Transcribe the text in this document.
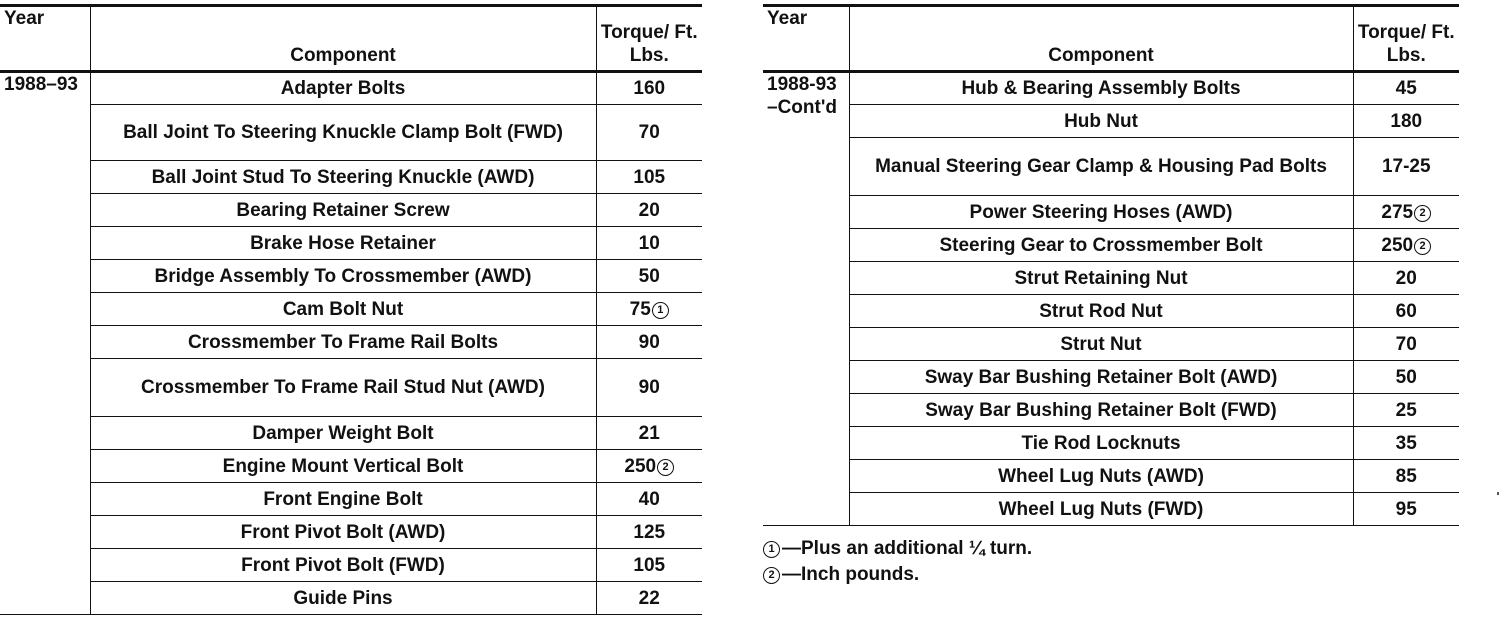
Year	Component	Torque/ Ft. Lbs.
1988–93	Adapter Bolts	160
	Ball Joint To Steering Knuckle Clamp Bolt (FWD)	70
	Ball Joint Stud To Steering Knuckle (AWD)	105
	Bearing Retainer Screw	20
	Brake Hose Retainer	10
	Bridge Assembly To Crossmember (AWD)	50
	Cam Bolt Nut	75 1
	Crossmember To Frame Rail Bolts	90
	Crossmember To Frame Rail Stud Nut (AWD)	90
	Damper Weight Bolt	21
	Engine Mount Vertical Bolt	250 2
	Front Engine Bolt	40
	Front Pivot Bolt (AWD)	125
	Front Pivot Bolt (FWD)	105
	Guide Pins	22
Year	Component	Torque/ Ft. Lbs.
1988-93 –Cont'd	Hub & Bearing Assembly Bolts	45
	Hub Nut	180
	Manual Steering Gear Clamp & Housing Pad Bolts	17-25
	Power Steering Hoses (AWD)	275 2
	Steering Gear to Crossmember Bolt	250 2
	Strut Retaining Nut	20
	Strut Rod Nut	60
	Strut Nut	70
	Sway Bar Bushing Retainer Bolt (AWD)	50
	Sway Bar Bushing Retainer Bolt (FWD)	25
	Tie Rod Locknuts	35
	Wheel Lug Nuts (AWD)	85
	Wheel Lug Nuts (FWD)	95
1 —Plus an additional ¼ turn.
2 —Inch pounds.
